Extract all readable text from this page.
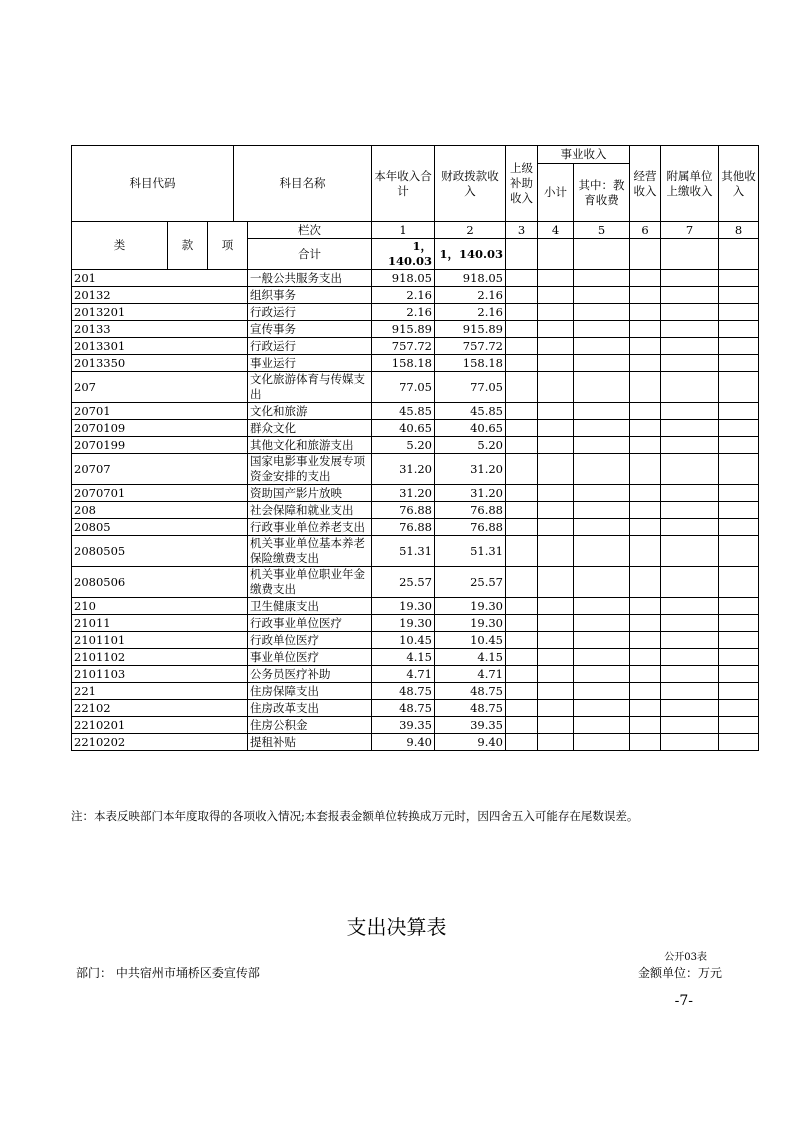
科目代码			科目名称		本年收入合计	财政拨款收入	上级补助收入	事业收入		经营收入	附属单位上缴收入	其他收入
								小计	其中：教育收费			
类	款	项		栏次	1	2	3	4	5	6	7	8
				合计	1，140.03	1，140.03						
201				一般公共服务支出	918.05	918.05						
20132				组织事务	2.16	2.16						
2013201				行政运行	2.16	2.16						
20133				宣传事务	915.89	915.89						
2013301				行政运行	757.72	757.72						
2013350				事业运行	158.18	158.18						
207				文化旅游体育与传媒支出	77.05	77.05						
20701				文化和旅游	45.85	45.85						
2070109				群众文化	40.65	40.65						
2070199				其他文化和旅游支出	5.20	5.20						
20707				国家电影事业发展专项资金安排的支出	31.20	31.20						
2070701				资助国产影片放映	31.20	31.20						
208				社会保障和就业支出	76.88	76.88						
20805				行政事业单位养老支出	76.88	76.88						
2080505				机关事业单位基本养老保险缴费支出	51.31	51.31						
2080506				机关事业单位职业年金缴费支出	25.57	25.57						
210				卫生健康支出	19.30	19.30						
21011				行政事业单位医疗	19.30	19.30						
2101101				行政单位医疗	10.45	10.45						
2101102				事业单位医疗	4.15	4.15						
2101103				公务员医疗补助	4.71	4.71						
221				住房保障支出	48.75	48.75						
22102				住房改革支出	48.75	48.75						
2210201				住房公积金	39.35	39.35						
2210202				提租补贴	9.40	9.40						
注：本表反映部门本年度取得的各项收入情况;本套报表金额单位转换成万元时，因四舍五入可能存在尾数误差。
支出决算表
公开03表
部门： 中共宿州市埇桥区委宣传部	金额单位：万元
-7-
